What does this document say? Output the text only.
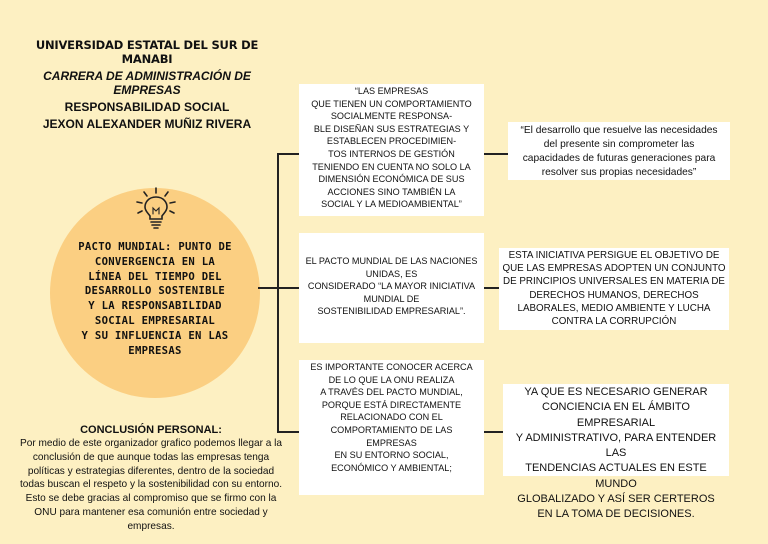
UNIVERSIDAD ESTATAL DEL SUR DE MANABI
CARRERA DE ADMINISTRACIÓN DE EMPRESAS
RESPONSABILIDAD SOCIAL
JEXON ALEXANDER MUÑIZ RIVERA
PACTO MUNDIAL: PUNTO DE
CONVERGENCIA EN LA
LÍNEA DEL TIEMPO DEL
DESARROLLO SOSTENIBLE
Y LA RESPONSABILIDAD
SOCIAL EMPRESARIAL
Y SU INFLUENCIA EN LAS
EMPRESAS
“LAS EMPRESAS
QUE TIENEN UN COMPORTAMIENTO
SOCIALMENTE RESPONSA-
BLE DISEÑAN SUS ESTRATEGIAS Y
ESTABLECEN PROCEDIMIEN-
TOS INTERNOS DE GESTIÓN
TENIENDO EN CUENTA NO SOLO LA
DIMENSIÓN ECONÓMICA DE SUS
ACCIONES SINO TAMBIÉN LA
SOCIAL Y LA MEDIOAMBIENTAL”
EL PACTO MUNDIAL DE LAS NACIONES
UNIDAS, ES
CONSIDERADO “LA MAYOR INICIATIVA
MUNDIAL DE
SOSTENIBILIDAD EMPRESARIAL”.
ES IMPORTANTE CONOCER ACERCA
DE LO QUE LA ONU REALIZA
A TRAVÉS DEL PACTO MUNDIAL,
PORQUE ESTÁ DIRECTAMENTE
RELACIONADO CON EL
COMPORTAMIENTO DE LAS
EMPRESAS
EN SU ENTORNO SOCIAL,
ECONÓMICO Y AMBIENTAL;
“El desarrollo que resuelve las necesidades
del presente sin comprometer las
capacidades de futuras generaciones para
resolver sus propias necesidades”
ESTA INICIATIVA PERSIGUE EL OBJETIVO DE
QUE LAS EMPRESAS ADOPTEN UN CONJUNTO
DE PRINCIPIOS UNIVERSALES EN MATERIA DE
DERECHOS HUMANOS, DERECHOS
LABORALES, MEDIO AMBIENTE Y LUCHA
CONTRA LA CORRUPCIÓN
YA QUE ES NECESARIO GENERAR
CONCIENCIA EN EL ÁMBITO EMPRESARIAL
Y ADMINISTRATIVO, PARA ENTENDER LAS
TENDENCIAS ACTUALES EN ESTE MUNDO
GLOBALIZADO Y ASÍ SER CERTEROS
EN LA TOMA DE DECISIONES.
CONCLUSIÓN PERSONAL:
Por medio de este organizador grafico podemos llegar a la
conclusión de que aunque todas las empresas tenga
políticas y estrategias diferentes, dentro de la sociedad
todas buscan el respeto y la sostenibilidad con su entorno.
Esto se debe gracias al compromiso que se firmo con la
ONU para mantener esa comunión entre sociedad y
empresas.
